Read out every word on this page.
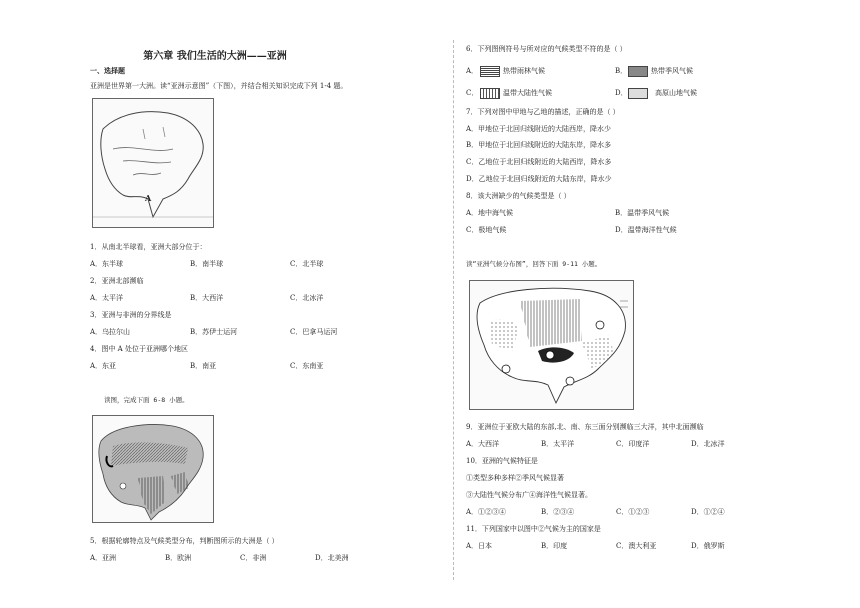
第六章 我们生活的大洲——亚洲
一、选择题
亚洲是世界第一大洲。读“亚洲示意图”（下图），并结合相关知识完成下列 1-4 题。
A
1．从南北半球看，亚洲大部分位于：
A．东半球	B．南半球	C．北半球
2．亚洲北部濒临
A．太平洋	B．大西洋	C．北冰洋
3．亚洲与非洲的分界线是
A．乌拉尔山	B．苏伊士运河	C．巴拿马运河
4．图中 A 处位于亚洲哪个地区
A．东亚	B．南亚	C．东南亚
读图，完成下面 6-8 小题。
5．根据轮廓特点及气候类型分布，判断图所示的大洲是（ ）
A．亚洲	B．欧洲	C．非洲	D．北美洲
6．下列图例符号与所对应的气候类型不符的是（ ）
A．	热带雨林气候	B．	热带季风气候
C．	温带大陆性气候	D．	高原山地气候
7．下列对图中甲地与乙地的描述，正确的是（ ）
A．甲地位于北回归线附近的大陆西岸，降水少
B．甲地位于北回归线附近的大陆东岸，降水多
C．乙地位于北回归线附近的大陆西岸，降水多
D．乙地位于北回归线附近的大陆东岸，降水少
8．该大洲缺少的气候类型是（ ）
A．地中海气候	B．温带季风气候
C．极地气候	D．温带海洋性气候
读“亚洲气候分布图”，回答下面 9-11 小题。
9．亚洲位于亚欧大陆的东部,北、南、东三面分别濒临三大洋，其中北面濒临
A．大西洋	B．太平洋	C．印度洋	D．北冰洋
10．亚洲的气候特征是
①类型多种多样②季风气候显著
③大陆性气候分布广④海洋性气候显著。
A．①②③④	B．②③④	C．①②③	D．①②④
11．下列国家中以图中②气候为主的国家是
A．日本	B．印度	C．澳大利亚	D．俄罗斯
